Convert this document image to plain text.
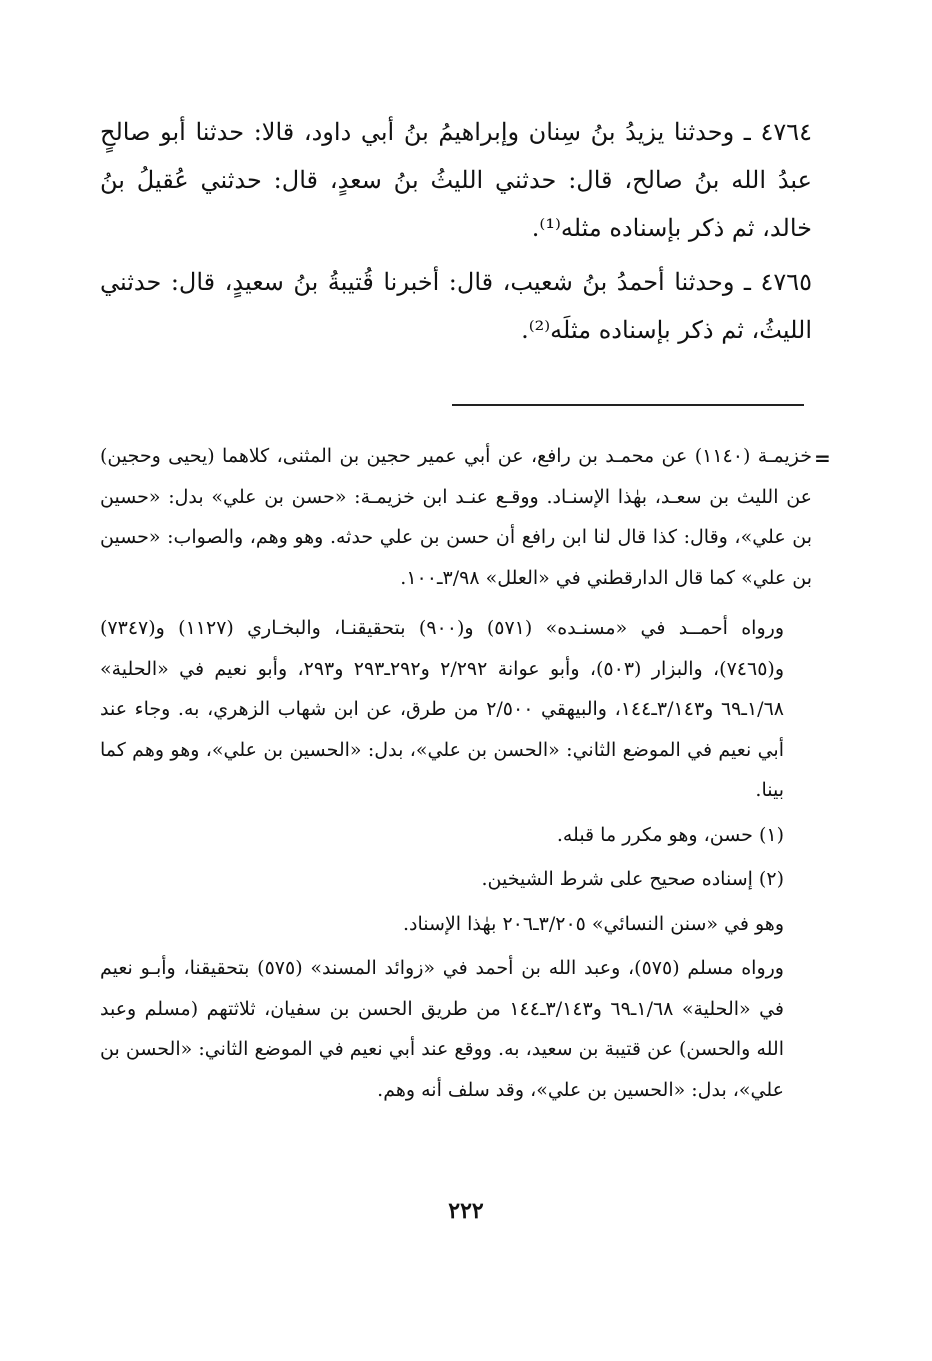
٤٧٦٤ ـ وحدثنا يزيدُ بنُ سِنان وإبراهيمُ بنُ أبي داود، قالا: حدثنا أبو صالحٍ عبدُ الله بنُ صالح، قال: حدثني الليثُ بنُ سعدٍ، قال: حدثني عُقيلُ بنُ خالد، ثم ذكر بإسناده مثله⁽¹⁾.

٤٧٦٥ ـ وحدثنا أحمدُ بنُ شعيب، قال: أخبرنا قُتيبةُ بنُ سعيدٍ، قال: حدثني الليثُ، ثم ذكر بإسناده مثلَه⁽²⁾.

=

خزيمـة (١١٤٠) عن محمـد بن رافع، عن أبي عمير حجين بن المثنى، كلاهما (يحيى وحجين) عن الليث بن سعـد، بهٰذا الإسنـاد. ووقـع عنـد ابن خزيمـة: «حسن بن علي» بدل: «حسين بن علي»، وقال: كذا قال لنا ابن رافع أن حسن بن علي حدثه. وهو وهم، والصواب: «حسين بن علي» كما قال الدارقطني في «العلل» ٣/٩٨ـ١٠٠.

ورواه أحمــد في «مسنـده» (٥٧١) و(٩٠٠) بتحقيقنـا، والبخـاري (١١٢٧) و(٧٣٤٧) و(٧٤٦٥)، والبزار (٥٠٣)، وأبو عوانة ٢/٢٩٢ و٢٩٢ـ٢٩٣ و٢٩٣، وأبو نعيم في «الحلية» ١/٦٨ـ٦٩ و٣/١٤٣ـ١٤٤، والبيهقي ٢/٥٠٠ من طرق، عن ابن شهاب الزهري، به. وجاء عند أبي نعيم في الموضع الثاني: «الحسن بن علي»، بدل: «الحسين بن علي»، وهو وهم كما بينا.

(١) حسن، وهو مكرر ما قبله.

(٢) إسناده صحيح على شرط الشيخين.

وهو في «سنن النسائي» ٣/٢٠٥ـ٢٠٦ بهٰذا الإسناد.

ورواه مسلم (٥٧٥)، وعبد الله بن أحمد في «زوائد المسند» (٥٧٥) بتحقيقنا، وأبـو نعيم في «الحلية» ١/٦٨ـ٦٩ و٣/١٤٣ـ١٤٤ من طريق الحسن بن سفيان، ثلاثتهم (مسلم وعبد الله والحسن) عن قتيبة بن سعيد، به. ووقع عند أبي نعيم في الموضع الثاني: «الحسن بن علي»، بدل: «الحسين بن علي»، وقد سلف أنه وهم.

٢٢٢
